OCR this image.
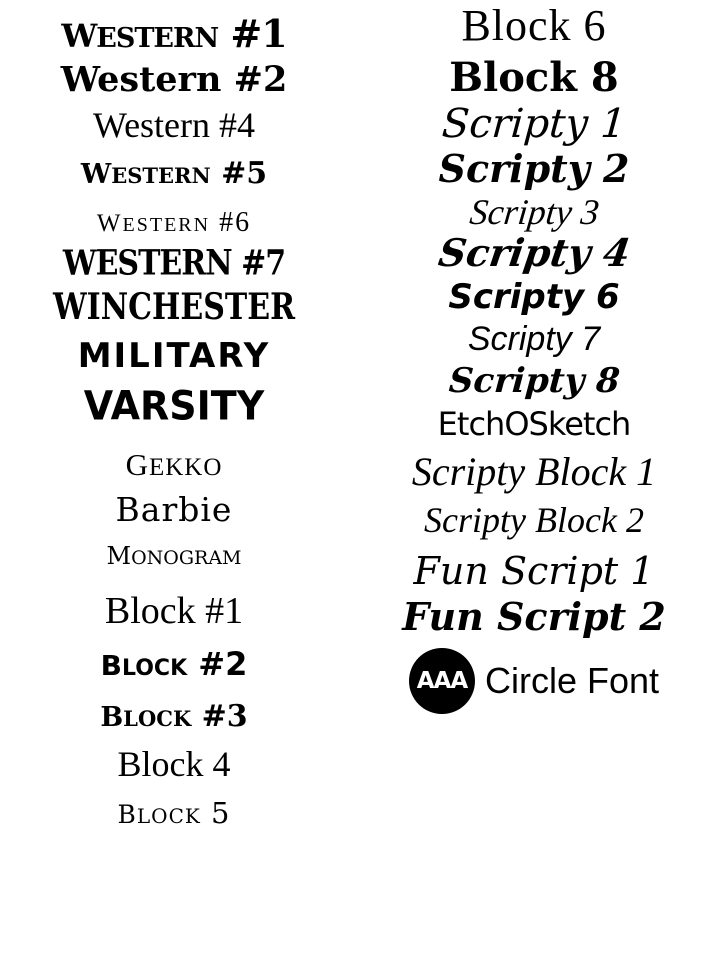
western #1
Western #2
Western #4
western #5
western #6
WESTERN #7
WINCHESTER
MILITARY
VARSITY
gekko
Barbie
monogram
Block #1
block #2
block #3
Block 4
block 5
Block 6
Block 8
Scripty 1
Scripty 2
Scripty 3
Scripty 4
Scripty 6
Scripty 7
Scripty 8
EtchOSketch
Scripty Block 1
Scripty Block 2
Fun Script 1
Fun Script 2
AAA Circle Font
